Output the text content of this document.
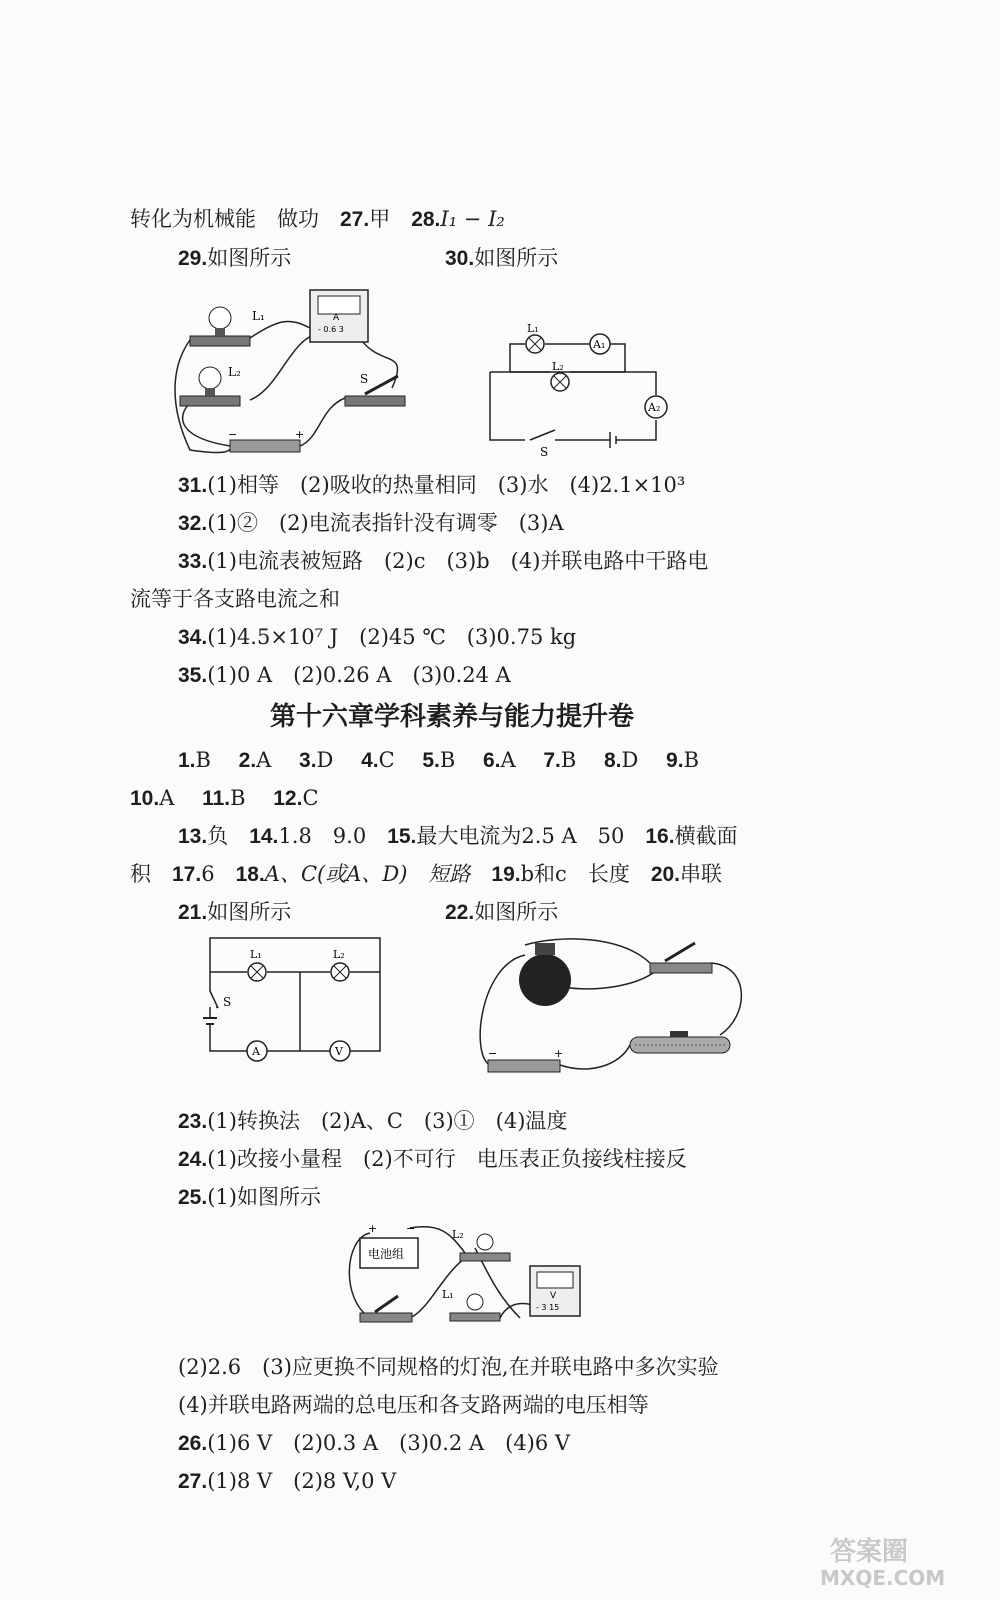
转化为机械能　做功　27.甲　 28.I₁ − I₂
29.如图所示	30.如图所示
L₁
L₂
A
- 0.6 3
S
−	+
A₁
A₂
L₁
L₂
S
31.(1)相等　(2)吸收的热量相同　(3)水　(4)2.1×10³
32.(1)②　(2)电流表指针没有调零　(3)A
33.(1)电流表被短路　(2)c　(3)b　(4)并联电路中干路电
流等于各支路电流之和
34.(1)4.5×10⁷ J　(2)45 ℃　(3)0.75 kg
35.(1)0 A　(2)0.26 A　(3)0.24 A
第十六章学科素养与能力提升卷
1.B　 2.A　 3.D　 4.C　 5.B　 6.A　 7.B　 8.D　 9.B
10.A　 11.B　 12.C
13.负　14.1.8　9.0　15.最大电流为2.5 A　50　16.横截面
积　17.6　18.A、C(或A、D)　短路　19.b和c　长度　20.串联
21.如图所示	22.如图所示
S
L₁	L₂
A	V	−	+
23.(1)转换法　(2)A、C　(3)①　(4)温度
24.(1)改接小量程　(2)不可行　电压表正负接线柱接反
25.(1)如图所示
电池组
+	−	L₂
L₁	V
- 3 15
(2)2.6　(3)应更换不同规格的灯泡,在并联电路中多次实验
(4)并联电路两端的总电压和各支路两端的电压相等
26.(1)6 V　(2)0.3 A　(3)0.2 A　(4)6 V
27.(1)8 V　(2)8 V,0 V
答案圈
MXQE.COM
